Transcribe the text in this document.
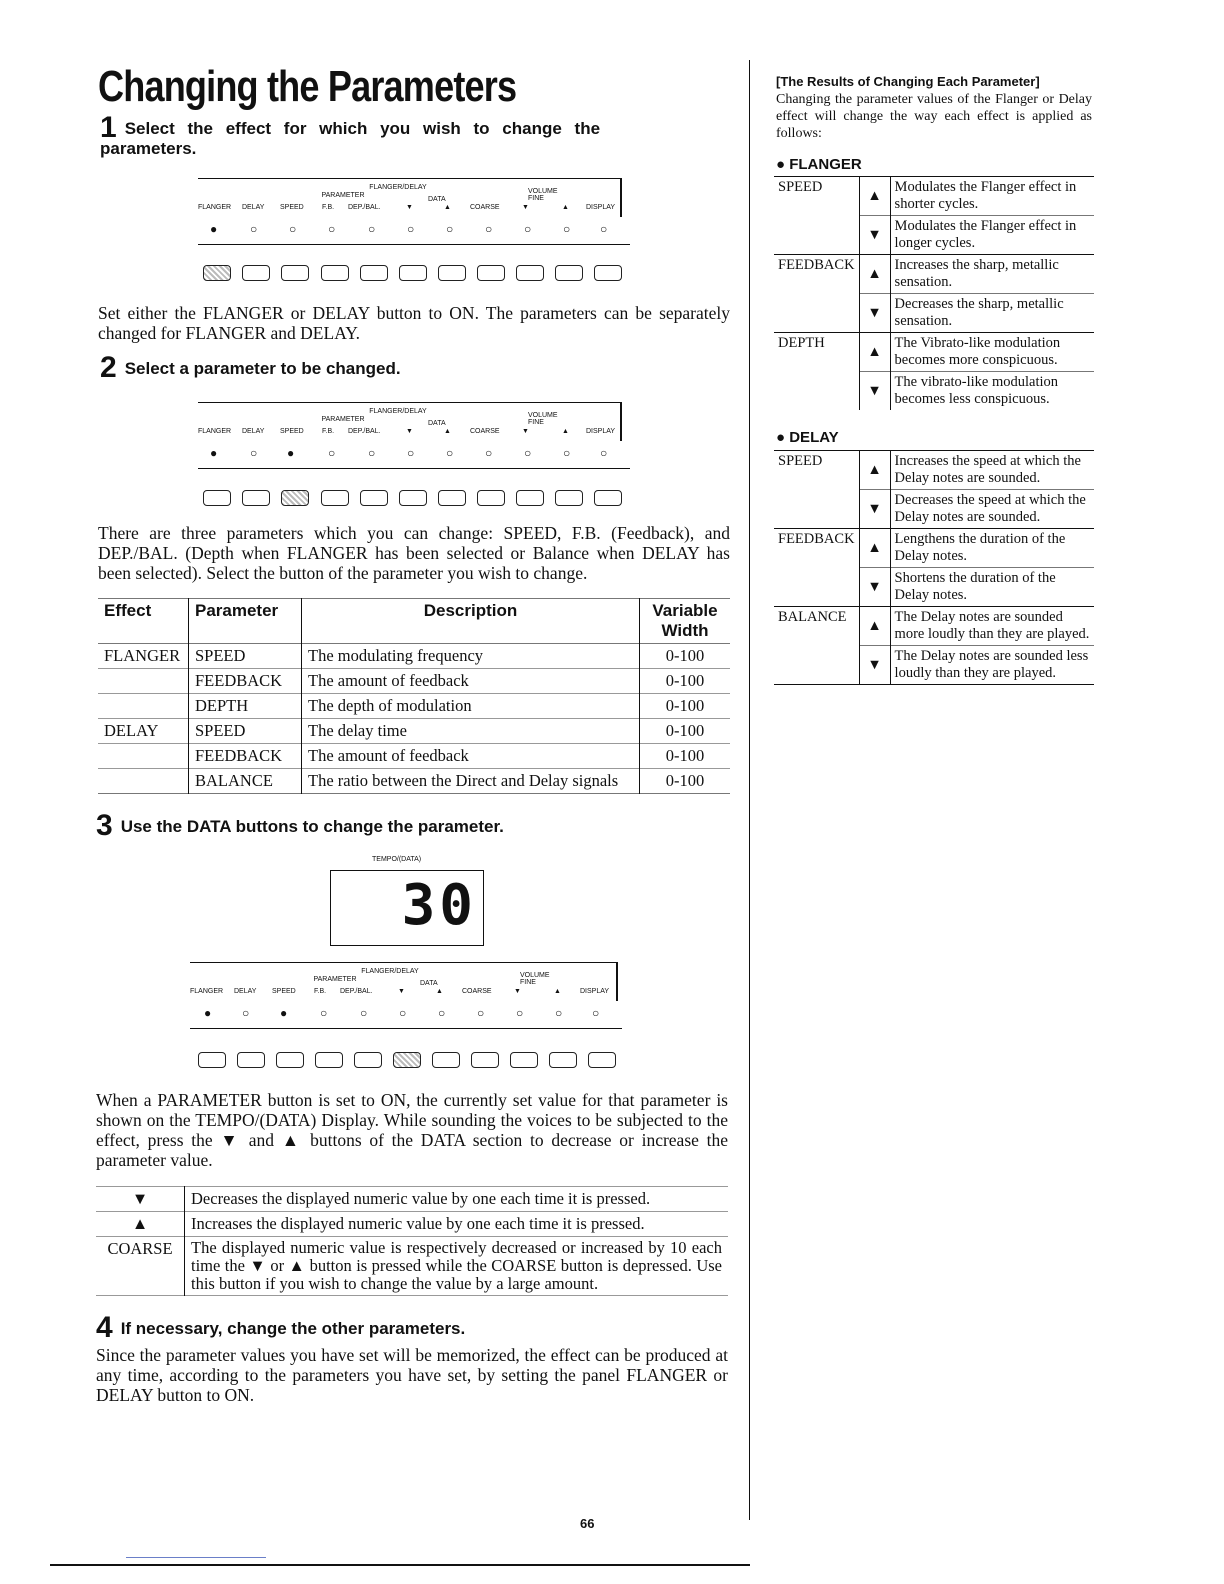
Changing the Parameters
1 Select the effect for which you wish to change the parameters.
FLANGER/DELAY
PARAMETER
DATA
VOLUME FINE
FLANGER DELAY SPEED	F.B. DEP./BAL.	▼	▲	COARSE	▼	▲ DISPLAY
●	○	○	○	○	○	○	○	○	○ ○
Set either the FLANGER or DELAY button to ON. The parameters can be separately changed for FLANGER and DELAY.
2 Select a parameter to be changed.
FLANGER/DELAY
PARAMETER
DATA
VOLUME FINE
FLANGER DELAY SPEED	F.B. DEP./BAL.	▼	▲	COARSE	▼	▲ DISPLAY
●	○ ●	○	○	○	○	○	○	○ ○
There are three parameters which you can change: SPEED, F.B. (Feedback), and DEP./BAL. (Depth when FLANGER has been selected or Balance when DELAY has been selected). Select the button of the parameter you wish to change.
Effect	Parameter	Description	Variable Width
FLANGER	SPEED	The modulating frequency	0-100
	FEEDBACK	The amount of feedback	0-100
	DEPTH	The depth of modulation	0-100
DELAY	SPEED	The delay time	0-100
	FEEDBACK	The amount of feedback	0-100
	BALANCE	The ratio between the Direct and Delay signals	0-100
3 Use the DATA buttons to change the parameter.
TEMPO/(DATA)
30
FLANGER/DELAY
PARAMETER
DATA
VOLUME FINE
FLANGER DELAY SPEED	F.B. DEP./BAL.	▼	▲	COARSE	▼	▲	DISPLAY
●	○	●	○	○	○	○	○	○	○ ○
When a PARAMETER button is set to ON, the currently set value for that parameter is shown on the TEMPO/(DATA) Display. While sounding the voices to be subjected to the effect, press the ▼ and ▲ buttons of the DATA section to decrease or increase the parameter value.
▼	Decreases the displayed numeric value by one each time it is pressed.
▲	Increases the displayed numeric value by one each time it is pressed.
COARSE	The displayed numeric value is respectively decreased or increased by 10 each time the ▼ or ▲ button is pressed while the COARSE button is depressed. Use this button if you wish to change the value by a large amount.
4 If necessary, change the other parameters.
Since the parameter values you have set will be memorized, the effect can be produced at any time, according to the parameters you have set, by setting the panel FLANGER or DELAY button to ON.
[The Results of Changing Each Parameter]
Changing the parameter values of the Flanger or Delay effect will change the way each effect is applied as follows:
● FLANGER
SPEED	▲	Modulates the Flanger effect in shorter cycles.
	▼	Modulates the Flanger effect in longer cycles.
FEEDBACK	▲	Increases the sharp, metallic sensation.
	▼	Decreases the sharp, metallic sensation.
DEPTH	▲	The Vibrato-like modulation becomes more conspicuous.
	▼	The vibrato-like modulation becomes less conspicuous.
● DELAY
SPEED	▲	Increases the speed at which the Delay notes are sounded.
	▼	Decreases the speed at which the Delay notes are sounded.
FEEDBACK	▲	Lengthens the duration of the Delay notes.
	▼	Shortens the duration of the Delay notes.
BALANCE	▲	The Delay notes are sounded more loudly than they are played.
	▼	The Delay notes are sounded less loudly than they are played.
66
